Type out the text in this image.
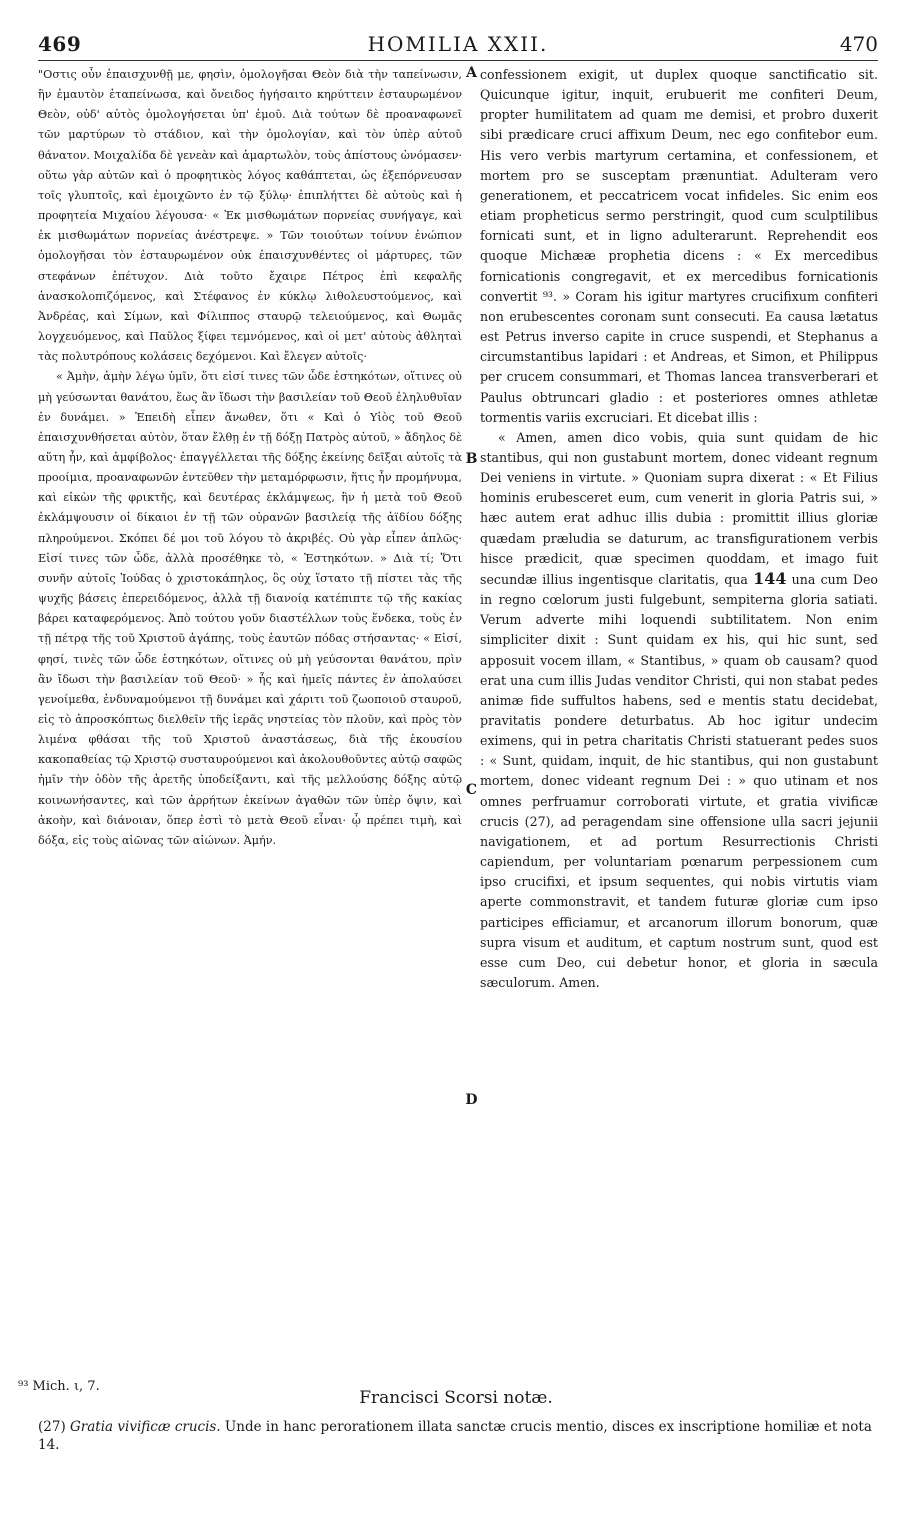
469	HOMILIA XXII.	470

"Οστις οὖν ἐπαισχυνθῇ με, φησὶν, ὁμολογῆσαι Θεὸν διὰ τὴν ταπείνωσιν, ἣν ἐμαυτὸν ἐταπείνωσα, καὶ ὄνειδος ἡγήσαιτο κηρύττειν ἐσταυρωμένον Θεὸν, οὐδ' αὐτὸς ὁμολογήσεται ὑπ' ἐμοῦ. Διὰ τούτων δὲ προαναφωνεῖ τῶν μαρτύρων τὸ στάδιον, καὶ τὴν ὁμολογίαν, καὶ τὸν ὑπὲρ αὐτοῦ θάνατον. Μοιχαλίδα δὲ γενεὰν καὶ ἁμαρτωλὸν, τοὺς ἀπίστους ὠνόμασεν· οὕτω γὰρ αὐτῶν καὶ ὁ προφητικὸς λόγος καθάπτεται, ὡς ἐξεπόρνευσαν τοῖς γλυπτοῖς, καὶ ἐμοιχῶντο ἐν τῷ ξύλῳ· ἐπιπλήττει δὲ αὐτοὺς καὶ ἡ προφητεία Μιχαίου λέγουσα· « Ἐκ μισθωμάτων πορνείας συνήγαγε, καὶ ἐκ μισθωμάτων πορνείας ἀνέστρεψε. » Τῶν τοιούτων τοίνυν ἐνώπιον ὁμολογῆσαι τὸν ἐσταυρωμένον οὐκ ἐπαισχυνθέντες οἱ μάρτυρες, τῶν στεφάνων ἐπέτυχον. Διὰ τοῦτο ἔχαιρε Πέτρος ἐπὶ κεφαλῆς ἀνασκολοπιζόμενος, καὶ Στέφανος ἐν κύκλῳ λιθολευστούμενος, καὶ Ἀνδρέας, καὶ Σίμων, καὶ Φίλιππος σταυρῷ τελειούμενος, καὶ Θωμᾶς λογχευόμενος, καὶ Παῦλος ξίφει τεμνόμενος, καὶ οἱ μετ' αὐτοὺς ἀθληταὶ τὰς πολυτρόπους κολάσεις δεχόμενοι. Καὶ ἔλεγεν αὐτοῖς·

« Ἀμὴν, ἀμὴν λέγω ὑμῖν, ὅτι εἰσί τινες τῶν ὧδε ἑστηκότων, οἵτινες οὐ μὴ γεύσωνται θανάτου, ἕως ἂν ἴδωσι τὴν βασιλείαν τοῦ Θεοῦ ἐληλυθυῖαν ἐν δυνάμει. » Ἐπειδὴ εἶπεν ἄνωθεν, ὅτι « Καὶ ὁ Υἱὸς τοῦ Θεοῦ ἐπαισχυνθήσεται αὐτὸν, ὅταν ἔλθῃ ἐν τῇ δόξῃ Πατρὸς αὐτοῦ, » ἄδηλος δὲ αὕτη ἦν, καὶ ἀμφίβολος· ἐπαγγέλλεται τῆς δόξης ἐκείνης δεῖξαι αὐτοῖς τὰ προοίμια, προαναφωνῶν ἐντεῦθεν τὴν μεταμόρφωσιν, ἥτις ἦν προμήνυμα, καὶ εἰκὼν τῆς φρικτῆς, καὶ δευτέρας ἐκλάμψεως, ἣν ἡ μετὰ τοῦ Θεοῦ ἐκλάμψουσιν οἱ δίκαιοι ἐν τῇ τῶν οὐρανῶν βασιλείᾳ τῆς ἀϊδίου δόξης πληρούμενοι. Σκόπει δέ μοι τοῦ λόγου τὸ ἀκριβές. Οὐ γὰρ εἶπεν ἁπλῶς· Εἰσί τινες τῶν ὧδε, ἀλλὰ προσέθηκε τὸ, « Ἑστηκότων. » Διὰ τί; Ὅτι συνῆν αὐτοῖς Ἰούδας ὁ χριστοκάπηλος, ὃς οὐχ ἵστατο τῇ πίστει τὰς τῆς ψυχῆς βάσεις ἐπερειδόμενος, ἀλλὰ τῇ διανοίᾳ κατέπιπτε τῷ τῆς κακίας βάρει καταφερόμενος. Ἀπὸ τούτου γοῦν διαστέλλων τοὺς ἕνδεκα, τοὺς ἐν τῇ πέτρᾳ τῆς τοῦ Χριστοῦ ἀγάπης, τοὺς ἑαυτῶν πόδας στήσαντας· « Εἰσί, φησί, τινὲς τῶν ὧδε ἑστηκότων, οἵτινες οὐ μὴ γεύσονται θανάτου, πρὶν ἂν ἴδωσι τὴν βασιλείαν τοῦ Θεοῦ· » ἧς καὶ ἡμεῖς πάντες ἐν ἀπολαύσει γενοίμεθα, ἐνδυναμούμενοι τῇ δυνάμει καὶ χάριτι τοῦ ζωοποιοῦ σταυροῦ, εἰς τὸ ἀπροσκόπτως διελθεῖν τῆς ἱερᾶς νηστείας τὸν πλοῦν, καὶ πρὸς τὸν λιμένα φθάσαι τῆς τοῦ Χριστοῦ ἀναστάσεως, διὰ τῆς ἑκουσίου κακοπαθείας τῷ Χριστῷ συσταυρούμενοι καὶ ἀκολουθοῦντες αὐτῷ σαφῶς ἡμῖν τὴν ὁδὸν τῆς ἀρετῆς ὑποδείξαντι, καὶ τῆς μελλούσης δόξης αὐτῷ κοινωνήσαντες, καὶ τῶν ἀρρήτων ἐκείνων ἀγαθῶν τῶν ὑπὲρ ὄψιν, καὶ ἀκοὴν, καὶ διάνοιαν, ὅπερ ἐστὶ τὸ μετὰ Θεοῦ εἶναι· ᾧ πρέπει τιμὴ, καὶ δόξα, εἰς τοὺς αἰῶνας τῶν αἰώνων. Ἀμήν.

A
B
C
D

confessionem exigit, ut duplex quoque sanctificatio sit. Quicunque igitur, inquit, erubuerit me confiteri Deum, propter humilitatem ad quam me demisi, et probro duxerit sibi prædicare cruci affixum Deum, nec ego confitebor eum. His vero verbis martyrum certamina, et confessionem, et mortem pro se susceptam prænuntiat. Adulteram vero generationem, et peccatricem vocat infideles. Sic enim eos etiam propheticus sermo perstringit, quod cum sculptilibus fornicati sunt, et in ligno adulterarunt. Reprehendit eos quoque Michææ prophetia dicens : « Ex mercedibus fornicationis congregavit, et ex mercedibus fornicationis convertit ⁹³. » Coram his igitur martyres crucifixum confiteri non erubescentes coronam sunt consecuti. Ea causa lætatus est Petrus inverso capite in cruce suspendi, et Stephanus a circumstantibus lapidari : et Andreas, et Simon, et Philippus per crucem consummari, et Thomas lancea transverberari et Paulus obtruncari gladio : et posteriores omnes athletæ tormentis variis excruciari. Et dicebat illis :

« Amen, amen dico vobis, quia sunt quidam de hic stantibus, qui non gustabunt mortem, donec videant regnum Dei veniens in virtute. » Quoniam supra dixerat : « Et Filius hominis erubesceret eum, cum venerit in gloria Patris sui, » hæc autem erat adhuc illis dubia : promittit illius gloriæ quædam præludia se daturum, ac transfigurationem verbis hisce prædicit, quæ specimen quoddam, et imago fuit secundæ illius ingentisque claritatis, qua 144 una cum Deo in regno cœlorum justi fulgebunt, sempiterna gloria satiati. Verum adverte mihi loquendi subtilitatem. Non enim simpliciter dixit : Sunt quidam ex his, qui hic sunt, sed apposuit vocem illam, « Stantibus, » quam ob causam? quod erat una cum illis Judas venditor Christi, qui non stabat pedes animæ fide suffultos habens, sed e mentis statu decidebat, pravitatis pondere deturbatus. Ab hoc igitur undecim eximens, qui in petra charitatis Christi statuerant pedes suos : « Sunt, quidam, inquit, de hic stantibus, qui non gustabunt mortem, donec videant regnum Dei : » quo utinam et nos omnes perfruamur corroborati virtute, et gratia vivificæ crucis (27), ad peragendam sine offensione ulla sacri jejunii navigationem, et ad portum Resurrectionis Christi capiendum, per voluntariam pœnarum perpessionem cum ipso crucifixi, et ipsum sequentes, qui nobis virtutis viam aperte commonstravit, et tandem futuræ gloriæ cum ipso participes efficiamur, et arcanorum illorum bonorum, quæ supra visum et auditum, et captum nostrum sunt, quod est esse cum Deo, cui debetur honor, et gloria in sæcula sæculorum. Amen.

⁹³ Mich. ι, 7.
Francisci Scorsi notæ.
(27) Gratia vivificæ crucis. Unde in hanc perorationem illata sanctæ crucis mentio, disces ex inscriptione homiliæ et nota 14.
